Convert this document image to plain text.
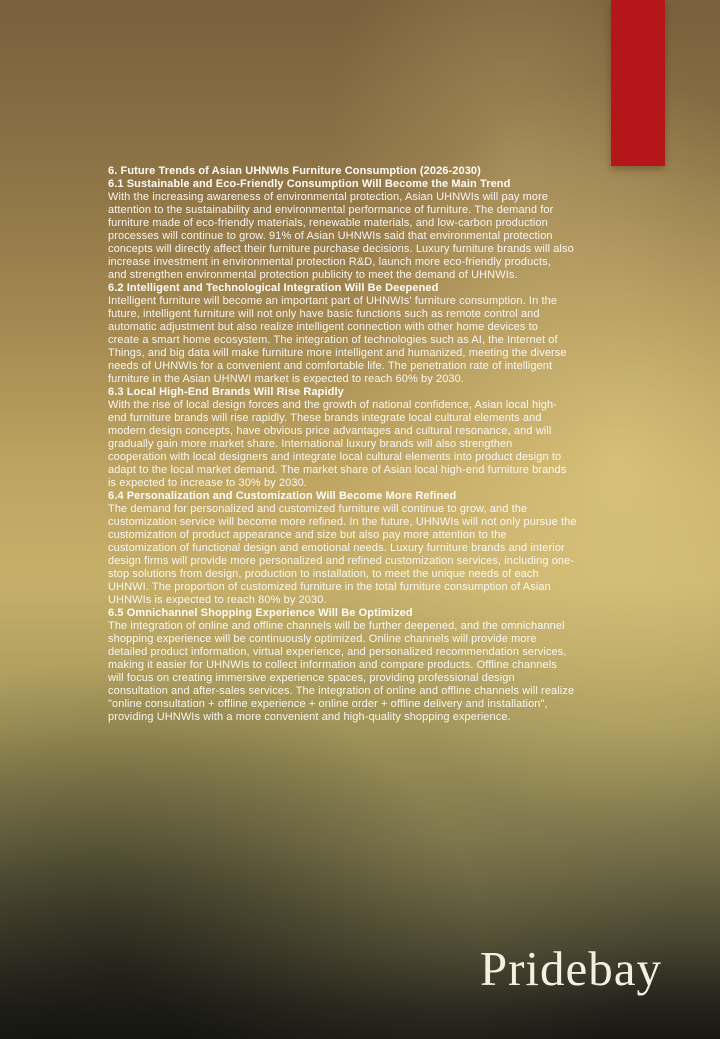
6. Future Trends of Asian UHNWIs Furniture Consumption (2026-2030)
6.1 Sustainable and Eco-Friendly Consumption Will Become the Main Trend
With the increasing awareness of environmental protection, Asian UHNWIs will pay more
attention to the sustainability and environmental performance of furniture. The demand for
furniture made of eco-friendly materials, renewable materials, and low-carbon production
processes will continue to grow. 91% of Asian UHNWIs said that environmental protection
concepts will directly affect their furniture purchase decisions. Luxury furniture brands will also
increase investment in environmental protection R&D, launch more eco-friendly products,
and strengthen environmental protection publicity to meet the demand of UHNWIs.
6.2 Intelligent and Technological Integration Will Be Deepened
Intelligent furniture will become an important part of UHNWIs' furniture consumption. In the
future, intelligent furniture will not only have basic functions such as remote control and
automatic adjustment but also realize intelligent connection with other home devices to
create a smart home ecosystem. The integration of technologies such as AI, the Internet of
Things, and big data will make furniture more intelligent and humanized, meeting the diverse
needs of UHNWIs for a convenient and comfortable life. The penetration rate of intelligent
furniture in the Asian UHNWI market is expected to reach 60% by 2030.
6.3 Local High-End Brands Will Rise Rapidly
With the rise of local design forces and the growth of national confidence, Asian local high-
end furniture brands will rise rapidly. These brands integrate local cultural elements and
modern design concepts, have obvious price advantages and cultural resonance, and will
gradually gain more market share. International luxury brands will also strengthen
cooperation with local designers and integrate local cultural elements into product design to
adapt to the local market demand. The market share of Asian local high-end furniture brands
is expected to increase to 30% by 2030.
6.4 Personalization and Customization Will Become More Refined
The demand for personalized and customized furniture will continue to grow, and the
customization service will become more refined. In the future, UHNWIs will not only pursue the
customization of product appearance and size but also pay more attention to the
customization of functional design and emotional needs. Luxury furniture brands and interior
design firms will provide more personalized and refined customization services, including one-
stop solutions from design, production to installation, to meet the unique needs of each
UHNWI. The proportion of customized furniture in the total furniture consumption of Asian
UHNWIs is expected to reach 80% by 2030.
6.5 Omnichannel Shopping Experience Will Be Optimized
The integration of online and offline channels will be further deepened, and the omnichannel
shopping experience will be continuously optimized. Online channels will provide more
detailed product information, virtual experience, and personalized recommendation services,
making it easier for UHNWIs to collect information and compare products. Offline channels
will focus on creating immersive experience spaces, providing professional design
consultation and after-sales services. The integration of online and offline channels will realize
"online consultation + offline experience + online order + offline delivery and installation",
providing UHNWIs with a more convenient and high-quality shopping experience.
Pridebay
